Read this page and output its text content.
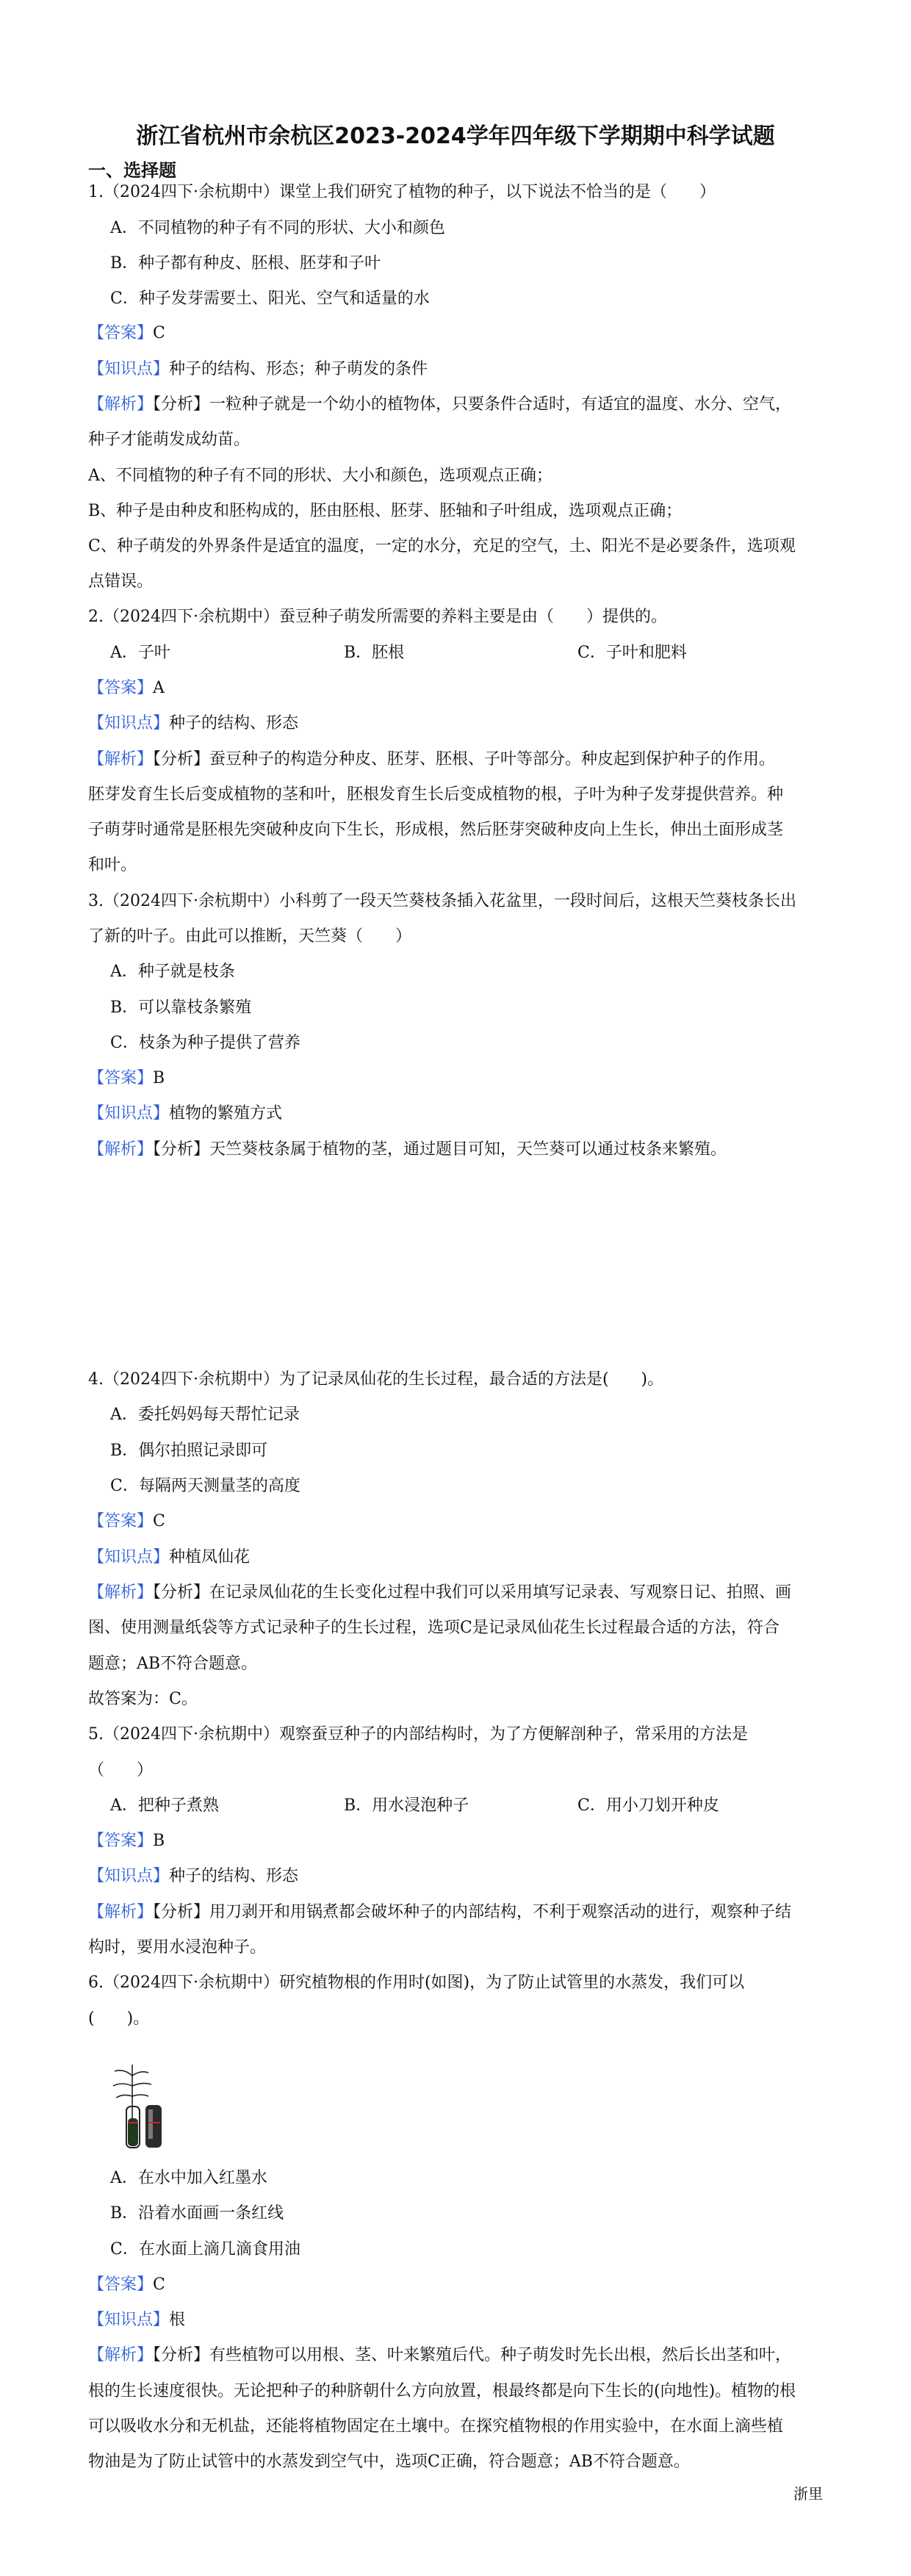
浙江省杭州市余杭区2023-2024学年四年级下学期期中科学试题
一、选择题
1.（2024四下·余杭期中）课堂上我们研究了植物的种子，以下说法不恰当的是（　　）
A．不同植物的种子有不同的形状、大小和颜色
B．种子都有种皮、胚根、胚芽和子叶
C．种子发芽需要土、阳光、空气和适量的水
【答案】C
【知识点】种子的结构、形态；种子萌发的条件
【解析】【分析】一粒种子就是一个幼小的植物体，只要条件合适时，有适宜的温度、水分、空气，
种子才能萌发成幼苗。
A、不同植物的种子有不同的形状、大小和颜色，选项观点正确；
B、种子是由种皮和胚构成的，胚由胚根、胚芽、胚轴和子叶组成，选项观点正确；
C、种子萌发的外界条件是适宜的温度，一定的水分，充足的空气，土、阳光不是必要条件，选项观
点错误。
2.（2024四下·余杭期中）蚕豆种子萌发所需要的养料主要是由（　　）提供的。
A．子叶	B．胚根	C．子叶和肥料
【答案】A
【知识点】种子的结构、形态
【解析】【分析】蚕豆种子的构造分种皮、胚芽、胚根、子叶等部分。种皮起到保护种子的作用。
胚芽发育生长后变成植物的茎和叶，胚根发育生长后变成植物的根，子叶为种子发芽提供营养。种
子萌芽时通常是胚根先突破种皮向下生长，形成根，然后胚芽突破种皮向上生长，伸出土面形成茎
和叶。
3.（2024四下·余杭期中）小科剪了一段天竺葵枝条插入花盆里，一段时间后，这根天竺葵枝条长出
了新的叶子。由此可以推断，天竺葵（　　）
A．种子就是枝条
B．可以靠枝条繁殖
C．枝条为种子提供了营养
【答案】B
【知识点】植物的繁殖方式
【解析】【分析】天竺葵枝条属于植物的茎，通过题目可知，天竺葵可以通过枝条来繁殖。
4.（2024四下·余杭期中）为了记录凤仙花的生长过程，最合适的方法是(　　)。
A．委托妈妈每天帮忙记录
B．偶尔拍照记录即可
C．每隔两天测量茎的高度
【答案】C
【知识点】种植凤仙花
【解析】【分析】在记录凤仙花的生长变化过程中我们可以采用填写记录表、写观察日记、拍照、画
图、使用测量纸袋等方式记录种子的生长过程，选项C是记录凤仙花生长过程最合适的方法，符合
题意；AB不符合题意。
故答案为：C。
5.（2024四下·余杭期中）观察蚕豆种子的内部结构时，为了方便解剖种子，常采用的方法是
（　　）
A．把种子煮熟	B．用水浸泡种子	C．用小刀划开种皮
【答案】B
【知识点】种子的结构、形态
【解析】【分析】用刀剥开和用锅煮都会破坏种子的内部结构，不利于观察活动的进行，观察种子结
构时，要用水浸泡种子。
6.（2024四下·余杭期中）研究植物根的作用时(如图)，为了防止试管里的水蒸发，我们可以
(　　)。
A．在水中加入红墨水
B．沿着水面画一条红线
C．在水面上滴几滴食用油
【答案】C
【知识点】根
【解析】【分析】有些植物可以用根、茎、叶来繁殖后代。种子萌发时先长出根，然后长出茎和叶，
根的生长速度很快。无论把种子的种脐朝什么方向放置，根最终都是向下生长的(向地性)。植物的根
可以吸收水分和无机盐，还能将植物固定在土壤中。在探究植物根的作用实验中，在水面上滴些植
物油是为了防止试管中的水蒸发到空气中，选项C正确，符合题意；AB不符合题意。
浙里
